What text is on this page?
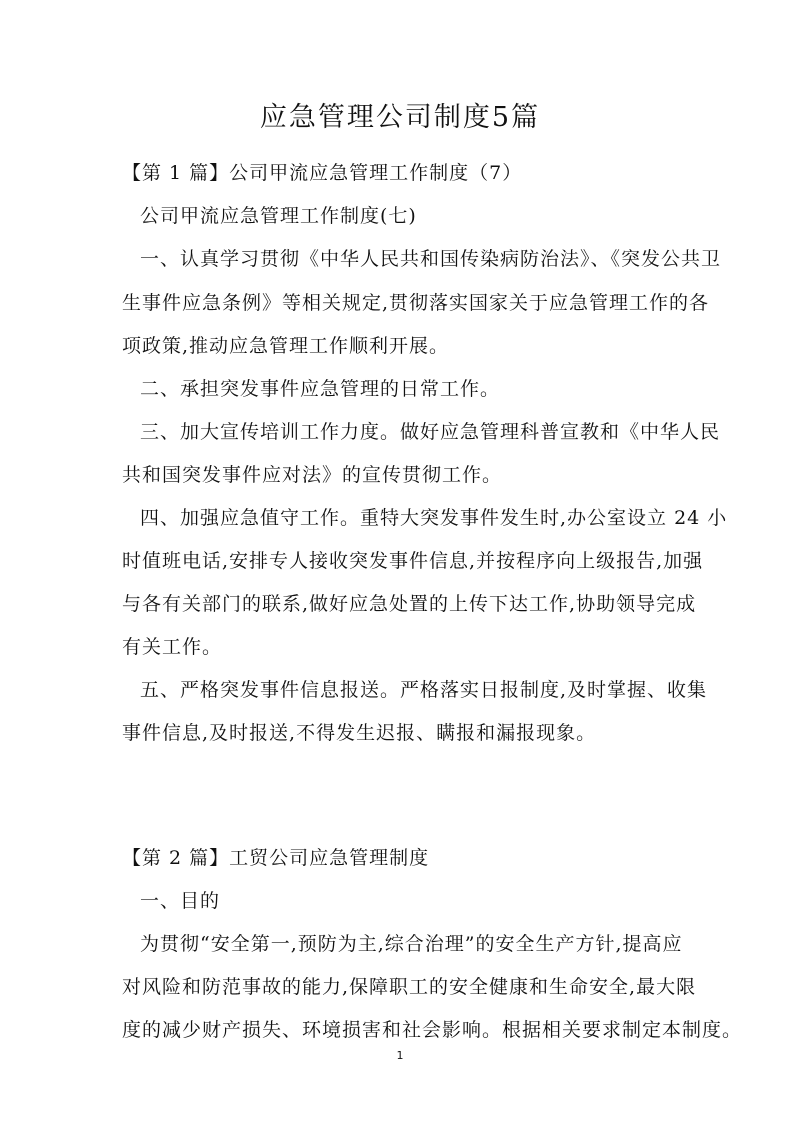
应急管理公司制度5篇
【第 1 篇】公司甲流应急管理工作制度（7）
公司甲流应急管理工作制度(七)
一、认真学习贯彻《中华人民共和国传染病防治法》、《突发公共卫
生事件应急条例》等相关规定,贯彻落实国家关于应急管理工作的各
项政策,推动应急管理工作顺利开展。
二、承担突发事件应急管理的日常工作。
三、加大宣传培训工作力度。做好应急管理科普宣教和《中华人民
共和国突发事件应对法》的宣传贯彻工作。
四、加强应急值守工作。重特大突发事件发生时,办公室设立 24 小
时值班电话,安排专人接收突发事件信息,并按程序向上级报告,加强
与各有关部门的联系,做好应急处置的上传下达工作,协助领导完成
有关工作。
五、严格突发事件信息报送。严格落实日报制度,及时掌握、收集
事件信息,及时报送,不得发生迟报、瞒报和漏报现象。
【第 2 篇】工贸公司应急管理制度
一、目的
为贯彻“安全第一,预防为主,综合治理”的安全生产方针,提高应
对风险和防范事故的能力,保障职工的安全健康和生命安全,最大限
度的减少财产损失、环境损害和社会影响。根据相关要求制定本制度。
1
